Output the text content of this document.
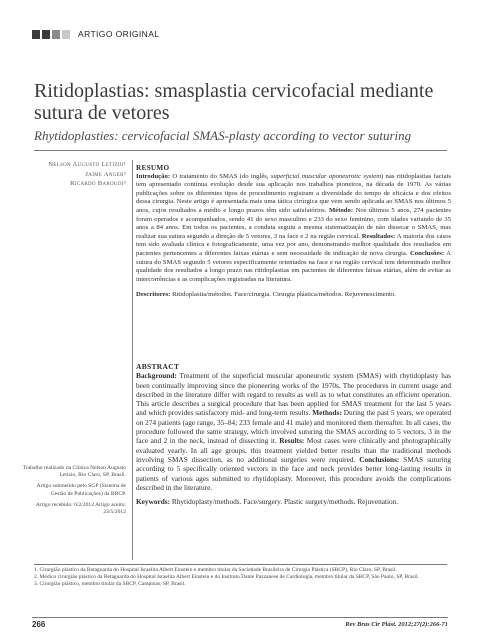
ARTIGO ORIGINAL
Ritidoplastias: smasplastia cervicofacial mediante sutura de vetores
Rhytidoplasties: cervicofacial SMAS-plasty according to vector suturing
Nelson Augusto Letizio¹
Jaime Anger²
Ricardo Baroudi³

Trabalho realizado na Clínica Nelson Augusto Letizio, Rio Claro, SP, Brasil.

Artigo submetido pelo SGP (Sistema de Gestão de Publicações) da RBCP.

Artigo recebido: 6/2/2012 Artigo aceito: 23/5/2012

RESUMO

Introdução: O tratamento do SMAS (do inglês, superficial muscular aponeurotic system) nas ritidoplastias faciais tem apresentado contínua evolução desde sua aplicação nos trabalhos pioneiros, na década de 1970. As várias publicações sobre os diferentes tipos de procedimento registram a diversidade do tempo de eficácia e dos efeitos dessa cirurgia. Neste artigo é apresentada mais uma tática cirúrgica que vem sendo aplicada ao SMAS nos últimos 5 anos, cujos resultados a médio e longo prazos têm sido satisfatórios. Método: Nos últimos 5 anos, 274 pacientes foram operados e acompanhados, sendo 41 do sexo masculino e 233 do sexo feminino, com idades variando de 35 anos a 84 anos. Em todos os pacientes, a conduta seguiu a mesma sistematização de não dissecar o SMAS, mas realizar sua sutura segundo a direção de 5 vetores, 3 na face e 2 na região cervical. Resultados: A maioria dos casos tem sido avaliada clínica e fotograficamente, uma vez por ano, demonstrando melhor qualidade dos resultados em pacientes pertencentes a diferentes faixas etárias e sem necessidade de indicação de nova cirurgia. Conclusões: A sutura do SMAS segundo 5 vetores especificamente orientados na face e na região cervical tem determinado melhor qualidade dos resultados a longo prazo nas ritidoplastias em pacientes de diferentes faixas etárias, além de evitar as intercorrências e as complicações registradas na literatura.

Descritores: Ritidoplastia/métodos. Face/cirurgia. Cirurgia plástica/métodos. Rejuvenescimento.

ABSTRACT

Background: Treatment of the superficial muscular aponeurotic system (SMAS) with rhytidoplasty has been continually improving since the pioneering works of the 1970s. The procedures in current usage and described in the literature differ with regard to results as well as to what constitutes an efficient operation. This article describes a surgical procedure that has been applied for SMAS treatment for the last 5 years and which provides satisfactory mid- and long-term results. Methods: During the past 5 years, we operated on 274 patients (age range, 35–84; 233 female and 41 male) and monitored them thereafter. In all cases, the procedure followed the same strategy, which involved suturing the SMAS according to 5 vectors, 3 in the face and 2 in the neck, instead of dissecting it. Results: Most cases were clinically and photographically evaluated yearly. In all age groups, this treatment yielded better results than the traditional methods involving SMAS dissection, as no additional surgeries were required. Conclusions: SMAS suturing according to 5 specifically oriented vectors in the face and neck provides better long-lasting results in patients of various ages submitted to rhytidoplasty. Moreover, this procedure avoids the complications described in the literature.

Keywords: Rhytidoplasty/methods. Face/surgery. Plastic surgery/methods. Rejuvenation.

1. Cirurgião plástico da Retaguarda do Hospital Israelita Albert Einstein e membro titular da Sociedade Brasileira de Cirurgia Plástica (SBCP), Rio Claro, SP, Brasil.

2. Médico cirurgião plástico da Retaguarda do Hospital Israelita Albert Einstein e do Instituto Dante Pazzanese de Cardiologia, membro titular da SBCP, São Paulo, SP, Brasil.

3. Cirurgião plástico, membro titular da SBCP, Campinas, SP, Brasil.

266	Rev Bras Cir Plást. 2012;27(2):266-71
